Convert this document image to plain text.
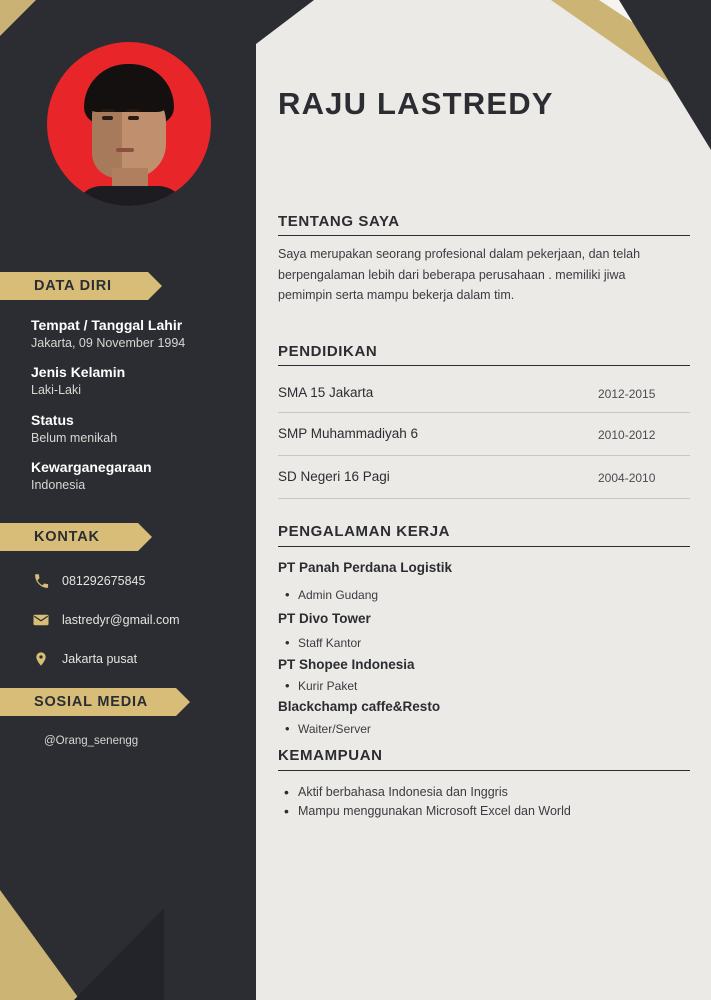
DATA DIRI
Tempat / Tanggal Lahir
Jakarta, 09 November 1994
Jenis Kelamin
Laki-Laki
Status
Belum menikah
Kewarganegaraan
Indonesia
KONTAK
081292675845
lastredyr@gmail.com
Jakarta pusat
SOSIAL MEDIA
@Orang_senengg
RAJU LASTREDY
TENTANG SAYA
Saya merupakan seorang profesional dalam pekerjaan, dan telah berpengalaman lebih dari beberapa perusahaan . memiliki jiwa pemimpin serta mampu bekerja dalam tim.
PENDIDIKAN
SMA 15 Jakarta	2012-2015
SMP Muhammadiyah 6	2010-2012
SD Negeri 16 Pagi	2004-2010
PENGALAMAN KERJA
PT Panah Perdana Logistik
• Admin Gudang
PT Divo Tower
• Staff Kantor
PT Shopee Indonesia
• Kurir Paket
Blackchamp caffe&Resto
• Waiter/Server
KEMAMPUAN
• Aktif berbahasa Indonesia dan Inggris
• Mampu menggunakan Microsoft Excel dan World
